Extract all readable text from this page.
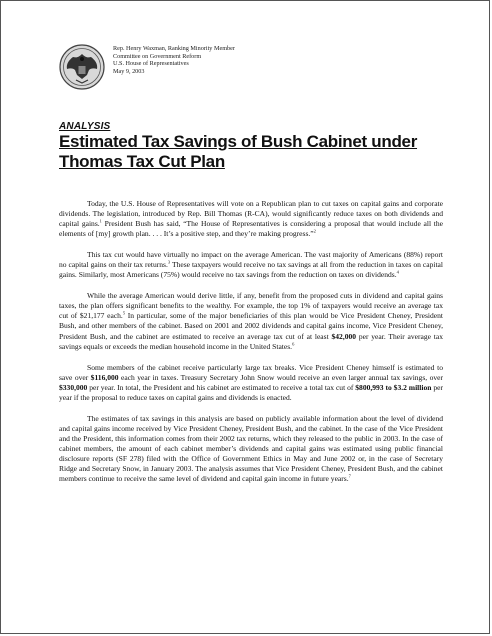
Rep. Henry Waxman, Ranking Minority Member
Committee on Government Reform
U.S. House of Representatives
May 9, 2003
ANALYSIS
Estimated Tax Savings of Bush Cabinet under Thomas Tax Cut Plan

Today, the U.S. House of Representatives will vote on a Republican plan to cut taxes on capital gains and corporate dividends. The legislation, introduced by Rep. Bill Thomas (R-CA), would significantly reduce taxes on both dividends and capital gains.$^1$ President Bush has said, “The House of Representatives is considering a proposal that would include all the elements of [my] growth plan. . . . It’s a positive step, and they’re making progress.”$^2$

This tax cut would have virtually no impact on the average American. The vast majority of Americans (88%) report no capital gains on their tax returns.$^3$ These taxpayers would receive no tax savings at all from the reduction in taxes on capital gains. Similarly, most Americans (75%) would receive no tax savings from the reduction on taxes on dividends.$^4$

While the average American would derive little, if any, benefit from the proposed cuts in dividend and capital gains taxes, the plan offers significant benefits to the wealthy. For example, the top 1% of taxpayers would receive an average tax cut of $21,177 each.$^5$ In particular, some of the major beneficiaries of this plan would be Vice President Cheney, President Bush, and other members of the cabinet. Based on 2001 and 2002 dividends and capital gains income, Vice President Cheney, President Bush, and the cabinet are estimated to receive an average tax cut of at least $42,000 per year. Their average tax savings equals or exceeds the median household income in the United States.$^6$

Some members of the cabinet receive particularly large tax breaks. Vice President Cheney himself is estimated to save over $116,000 each year in taxes. Treasury Secretary John Snow would receive an even larger annual tax savings, over $330,000 per year. In total, the President and his cabinet are estimated to receive a total tax cut of $800,993 to $3.2 million per year if the proposal to reduce taxes on capital gains and dividends is enacted.

The estimates of tax savings in this analysis are based on publicly available information about the level of dividend and capital gains income received by Vice President Cheney, President Bush, and the cabinet. In the case of the Vice President and the President, this information comes from their 2002 tax returns, which they released to the public in 2003. In the case of cabinet members, the amount of each cabinet member’s dividends and capital gains was estimated using public financial disclosure reports (SF 278) filed with the Office of Government Ethics in May and June 2002 or, in the case of Secretary Ridge and Secretary Snow, in January 2003. The analysis assumes that Vice President Cheney, President Bush, and the cabinet members continue to receive the same level of dividend and capital gain income in future years.$^7$
